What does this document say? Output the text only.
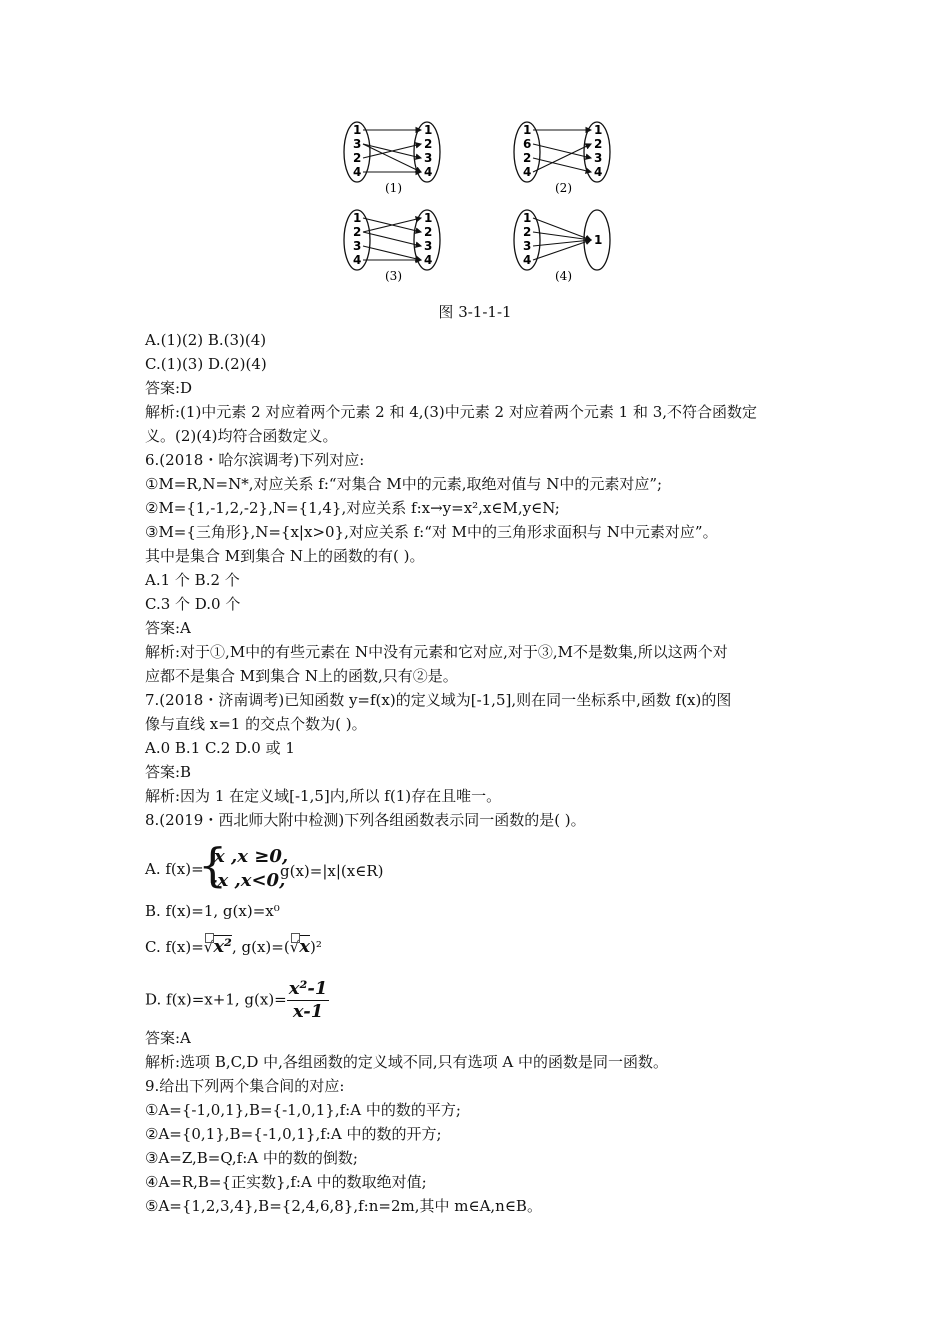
1
3
2
4
1
2
3
4
(1)
1
6
2
4
1
2
3
4
(2)
1
2
3
4
1
2
3
4
(3)
1
2
3
4
1
(4)
图 3-1-1-1
A.(1)(2) B.(3)(4)
C.(1)(3) D.(2)(4)
答案:D
解析:(1)中元素 2 对应着两个元素 2 和 4,(3)中元素 2 对应着两个元素 1 和 3,不符合函数定
义。(2)(4)均符合函数定义。
6.(2018・哈尔滨调考)下列对应:
①M=R,N=N*,对应关系 f:“对集合 M中的元素,取绝对值与 N中的元素对应”;
②M={1,-1,2,-2},N={1,4},对应关系 f:x→y=x²,x∈M,y∈N;
③M={三角形},N={x|x>0},对应关系 f:“对 M中的三角形求面积与 N中元素对应”。
其中是集合 M到集合 N上的函数的有( )。
A.1 个 B.2 个
C.3 个 D.0 个
答案:A
解析:对于①,M中的有些元素在 N中没有元素和它对应,对于③,M不是数集,所以这两个对
应都不是集合 M到集合 N上的函数,只有②是。
7.(2018・济南调考)已知函数 y=f(x)的定义域为[-1,5],则在同一坐标系中,函数 f(x)的图
像与直线 x=1 的交点个数为( )。
A.0 B.1 C.2 D.0 或 1
答案:B
解析:因为 1 在定义域[-1,5]内,所以 f(1)存在且唯一。
8.(2019・西北师大附中检测)下列各组函数表示同一函数的是( )。
A. f(x)=
{
x ,x ≥0,
-x ,x<0,
g(x)=|x|(x∈R)
B. f(x)=1, g(x)=x⁰
C. f(x)=
√x², g(x)=(
√x)²
D. f(x)=x+1, $g(x)= \frac{\text{x²-1}}{x-1}$
答案:A
解析:选项 B,C,D 中,各组函数的定义域不同,只有选项 A 中的函数是同一函数。
9.给出下列两个集合间的对应:
①A={-1,0,1},B={-1,0,1},f:A 中的数的平方;
②A={0,1},B={-1,0,1},f:A 中的数的开方;
③A=Z,B=Q,f:A 中的数的倒数;
④A=R,B={正实数},f:A 中的数取绝对值;
⑤A={1,2,3,4},B={2,4,6,8},f:n=2m,其中 m∈A,n∈B。
